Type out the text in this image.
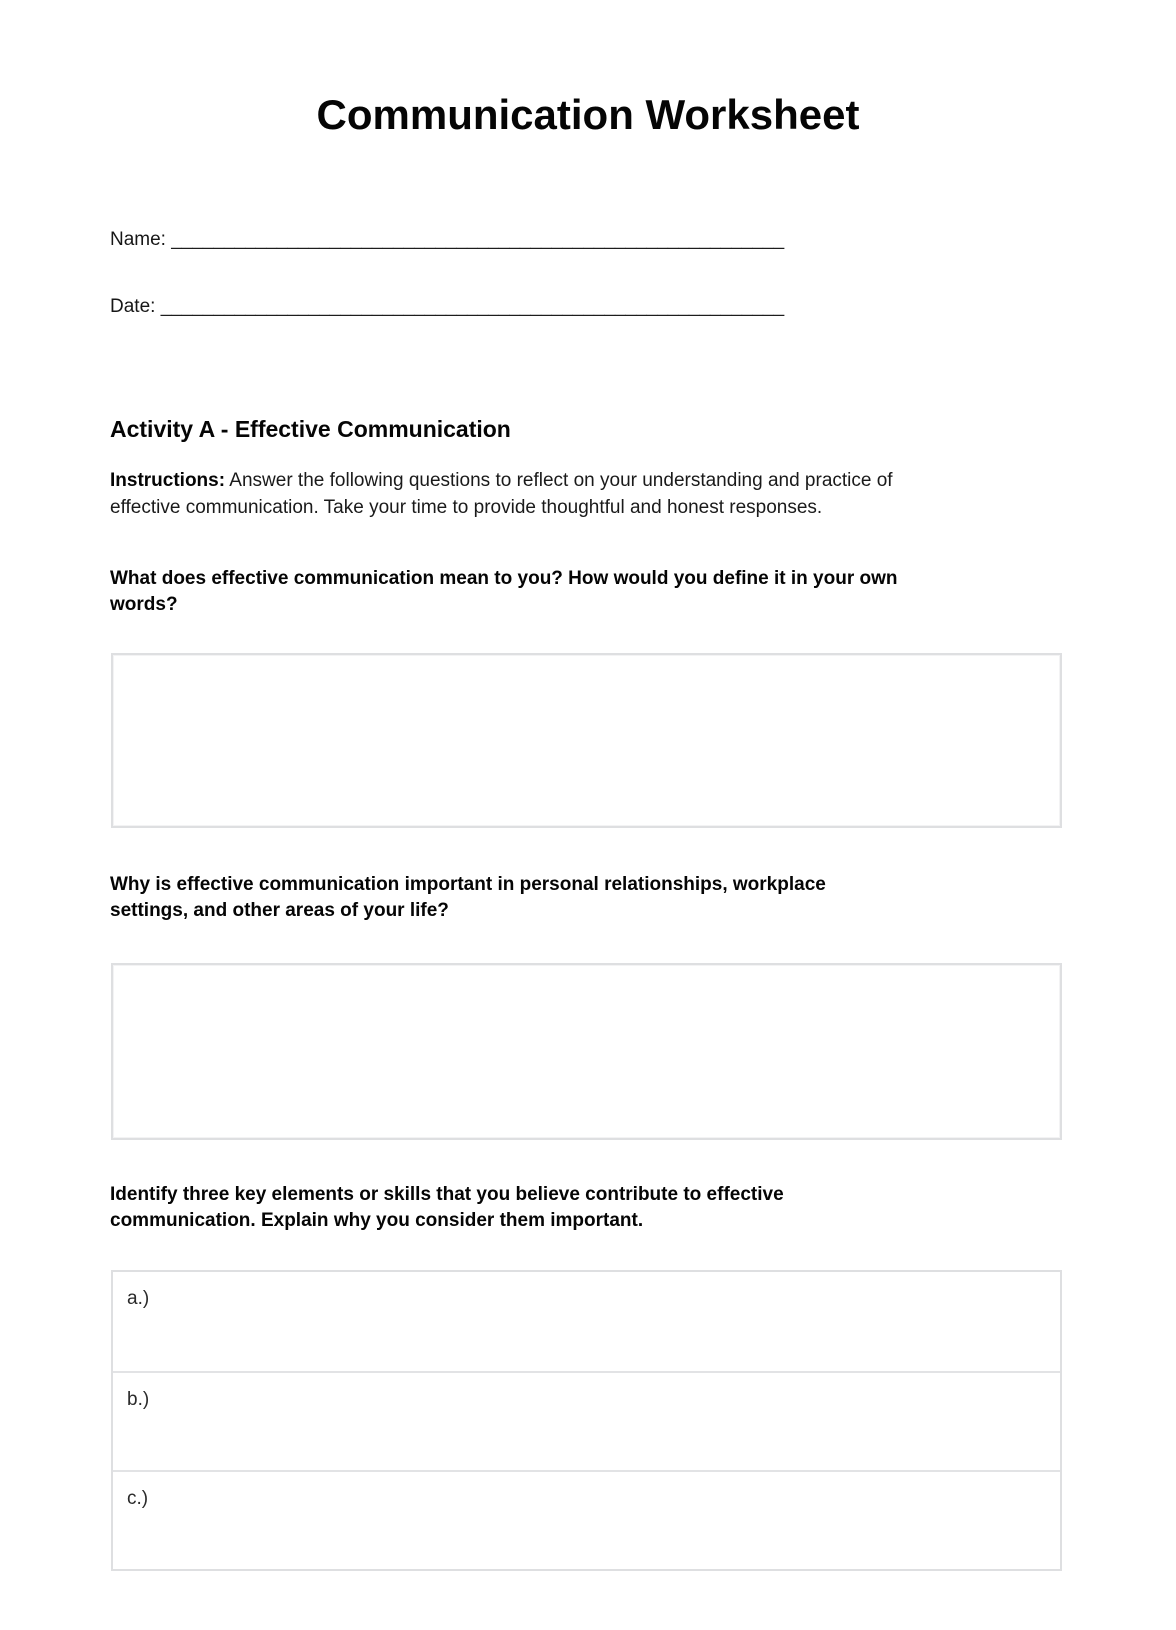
Communication Worksheet
Name: __________________________________________________________
Date: ___________________________________________________________
Activity A - Effective Communication

Instructions: Answer the following questions to reflect on your understanding and practice of
effective communication. Take your time to provide thoughtful and honest responses.

What does effective communication mean to you? How would you define it in your own
words?

Why is effective communication important in personal relationships, workplace
settings, and other areas of your life?

Identify three key elements or skills that you believe contribute to effective
communication. Explain why you consider them important.

a.)
b.)
c.)
